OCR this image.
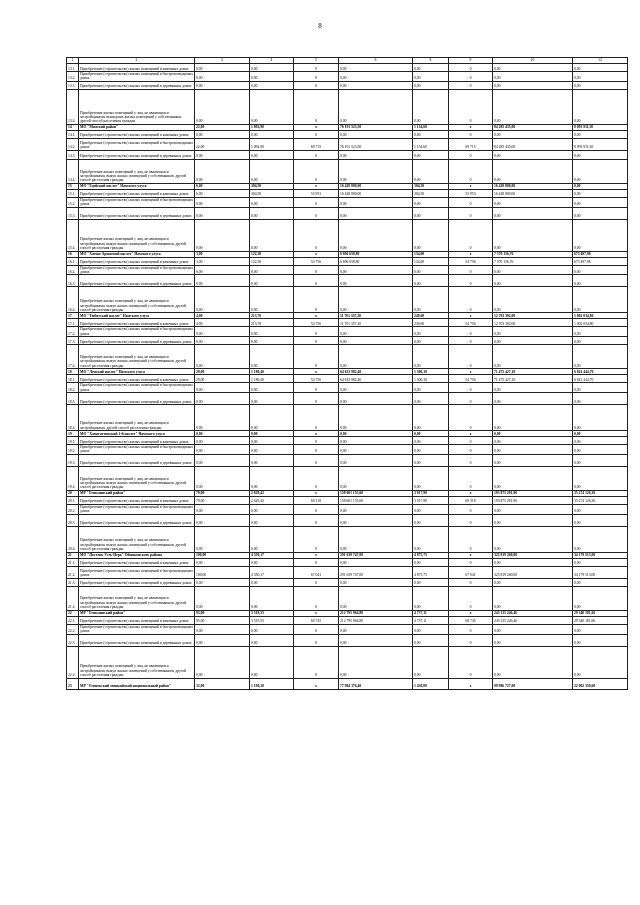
8
1	2	3	4	5	6	8	9	10	12
13.1.	Приобретение (строительство) жилых помещений в каменных домах	0,00	0,00	0	0,00	0,00	0	0,00	0,00
13.2.	Приобретение (строительство) жилых помещений в быстровозводимых домах	0,00	0,00	0	0,00	0,00	0	0,00	0,00
13.3.	Приобретение (строительство) жилых помещений в деревянных домах	0,00	0,00	0	0,00	0,00	0	0,00	0,00
13.4.	Приобретение жилых помещений у лиц, не являющихся застройщиками, вышедших жилых помещений у собственников, другой способ расселения граждан	0,00	0,00	0	0,00	0,00	0	0,00	0,00
14	МО "Момский район"	22,00	1 092,90	x	76 191 523,50	1 154,60	x	84 285 435,00	8 093 911,50
14.1.	Приобретение (строительство) жилых помещений в каменных домах	0,00	0,00	0	0,00	0,00	0	0,00	0,00
14.2.	Приобретение (строительство) жилых помещений в быстровозводимых домах	22,00	1 092,90	69 715	76 191 523,50	1 154,60	69 715	84 285 435,00	8 093 911,50
14.3.	Приобретение (строительство) жилых помещений в деревянных домах	0,00	0,00	0	0,00	0,00	0	0,00	0,00
14.4.	Приобретение жилых помещений у лиц, не являющихся застройщиками, выкуп жилых помещений у собственников, другой способ расселения граждан	0,00	0,00	0	0,00	0,00	0	0,00	0,00
15	МО "Едейский наслег" Намского улуса	6,00	304,50	x	16 428 800,00	304,50	x	16 428 800,00	0,00
15.1.	Приобретение (строительство) жилых помещений в каменных домах	6,00	304,50	53 953	16 428 800,00	304,50	53 953	16 428 800,00	0,00
15.2.	Приобретение (строительство) жилых помещений в быстровозводимых домах	0,00	0,00	0	0,00	0,00	0	0,00	0,00
15.3.	Приобретение (строительство) жилых помещений в деревянных домах	0,00	0,00	0	0,00	0,00	0	0,00	0,00
15.4.	Приобретение жилых помещений у лиц, не являющихся застройщиками, выкуп жилых помещений у собственников, другой способ расселения граждан	0,00	0,00	0	0,00	0,00	0	0,00	0,00
16	МО "Хатын-Арынский наслег" Намского улуса	3,00	122,30	x	6 696 658,80	134,60	x	7 370 156,76	673 497,96
16.1.	Приобретение (строительство) жилых помещений в каменных домах	3,00	122,30	54 756	6 696 658,80	134,60	54 756	7 370 156,76	673 497,96
16.2.	Приобретение (строительство) жилых помещений в быстровозводимых домах	0,00	0,00	0	0,00	0,00	0	0,00	0,00
16.3.	Приобретение (строительство) жилых помещений в деревянных домах	0,00	0,00	0	0,00	0,00	0	0,00	0,00
16.4.	Приобретение жилых помещений у лиц, не являющихся застройщиками, выкуп жилых помещений у собственников, другой способ расселения граждан	0,00	0,00	0	0,00	0,00	0	0,00	0,00
17	МО "Тюбятский наслег" Намского улуса	4,00	213,70	x	11 701 357,20	249,60	x	12 703 392,00	1 002 034,80
17.1.	Приобретение (строительство) жилых помещений в каменных домах	4,00	213,70	54 756	11 701 357,20	249,60	54 756	12 703 392,00	1 002 034,80
17.2.	Приобретение (строительство) жилых помещений в быстровозводимых домах	0,00	0,00	0	0,00	0,00	0	0,00	0,00
17.3.	Приобретение (строительство) жилых помещений в деревянных домах	0,00	0,00	0	0,00	0,00	0	0,00	0,00
17.4.	Приобретение жилых помещений у лиц, не являющихся застройщиками, выкуп жилых помещений у собственников, другой способ расселения граждан	0,00	0,00	0	0,00	0,00	0	0,00	0,00
18	МО "Ленский наслег" Намского улуса	29,00	1 180,40	x	64 633 982,40	1 306,10	x	71 475 427,10	6 841 444,70
18.1.	Приобретение (строительство) жилых помещений в каменных домах	29,00	1 180,40	54 756	64 633 982,40	1 306,10	54 756	71 475 427,10	6 841 444,70
18.2.	Приобретение (строительство) жилых помещений в быстровозводимых домах	0,00	0,00	0	0,00	0,00	0	0,00	0,00
18.3.	Приобретение (строительство) жилых помещений в деревянных домах	0,00	0,00	0	0,00	0,00	0	0,00	0,00
18.4.	Приобретение жилых помещений у лиц, не являющихся застройщиками, другой способ расселения граждан	0,00	0,00	0	0,00	0,00	0	0,00	0,00
19	МО "Хамагаттинский 1-й наслег" Намского улуса	0,00	0,00	x	0,00	0,00	x	0,00	0,00
19.1.	Приобретение (строительство) жилых помещений в каменных домах	0,00	0,00	0	0,00	0,00	0	0,00	0,00
19.2.	Приобретение (строительство) жилых помещений в быстровозводимых домах	0,00	0,00	0	0,00	0,00	0	0,00	0,00
19.3.	Приобретение (строительство) жилых помещений в деревянных домах	0,00	0,00	0	0,00	0,00	0	0,00	0,00
19.4.	Приобретение жилых помещений у лиц, не являющихся застройщиками, выкуп жилых помещений у собственников, другой способ расселения граждан	0,00	0,00	0	0,00	0,00	0	0,00	0,00
20	МР "Олекминский район"	79,00	2 629,42	x	158 601 155,60	3 017,90	x	193 875 281,96	35 274 126,36
20.1.	Приобретение (строительство) жилых помещений в каменных домах	79,00	2 629,42	60 318	158 601 155,60	3 017,90	69 318	193 875 281,96	35 274 126,36
20.2.	Приобретение (строительство) жилых помещений в быстровозводимых домах	0,00	0,00	0	0,00	0,00	0	0,00	0,00
20.3.	Приобретение (строительство) жилых помещений в деревянных домах	0,00	0,00	0	0,00	0,00	0	0,00	0,00
20.4.	Приобретение жилых помещений у лиц, не являющихся застройщиками, выкуп жилых помещений у собственников, другой способ расселения граждан	0,00	0,00	0	0,00	0,00	0	0,00	0,00
21	МО "Поселок Усть-Нера" Оймяконского района	100,00	4 350,17	x	291 639 747,00	4 875,75	x	325 819 260,00	34 179 513,00
21.1.	Приобретение (строительство) жилых помещений в каменных домах	0,00	0,00	0	0,00	0,00	0	0,00	0,00
21.2.	Приобретение (строительство) жилых помещений в быстровозводимых домах	100,00	4 350,17	67 041	291 639 747,00	4 875,75	67 041	325 819 260,00	34 179 513,00
21.3.	Приобретение (строительство) жилых помещений в деревянных домах	0,00	0,00	0	0,00	0,00	0	0,00	0,00
21.4.	Приобретение жилых помещений у лиц, не являющихся застройщиками, выкуп жилых помещений у собственников, другой способ расселения граждан	0,00	0,00	0	0,00	0,00	0	0,00	0,00
22	МР "Олекминский район"	95,00	3 519,55	x	212 795 964,80	4 737,11	x	243 135 246,46	29 340 181,66
22.1.	Приобретение (строительство) жилых помещений в каменных домах	95,00	3 519,55	60 745	212 795 964,80	4 737,11	60 745	243 135 246,46	29 340 181,66
22.2.	Приобретение (строительство) жилых помещений в быстровозводимых домах	0,00	0,00	0	0,00	0,00	0	0,00	0,00
22.3.	Приобретение (строительство) жилых помещений в деревянных домах	0,00	0,00	0	0,00	0,00	0	0,00	0,00
22.4.	Приобретение жилых помещений у лиц, не являющихся застройщиками, выкуп жилых помещений у собственников, другой способ расселения граждан	0,00	0,00	0	0,00	0,00	0	0,00	0,00
23	МР "Оленекский эвенкийский национальный район"	32,00	1 190,20	x	77 984 376,40	1 430,00	x	99 986 727,00	22 002 350,60
